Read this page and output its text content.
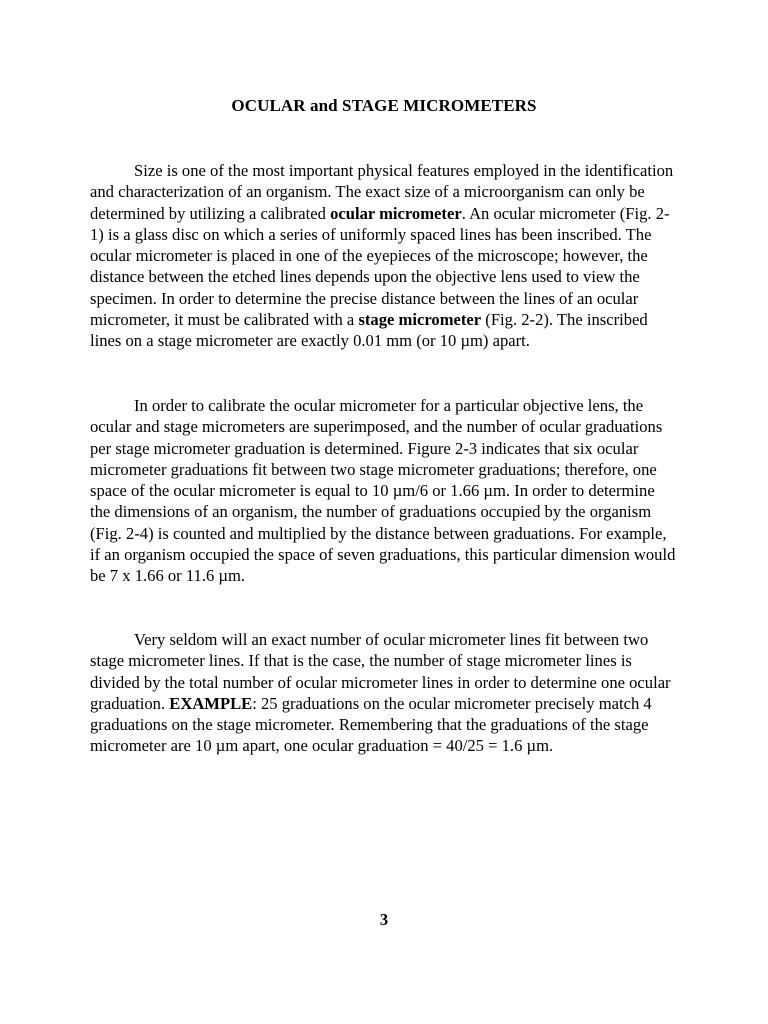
OCULAR and STAGE MICROMETERS

Size is one of the most important physical features employed in the identification and characterization of an organism. The exact size of a microorganism can only be determined by utilizing a calibrated ocular micrometer. An ocular micrometer (Fig. 2-1) is a glass disc on which a series of uniformly spaced lines has been inscribed. The ocular micrometer is placed in one of the eyepieces of the microscope; however, the distance between the etched lines depends upon the objective lens used to view the specimen. In order to determine the precise distance between the lines of an ocular micrometer, it must be calibrated with a stage micrometer (Fig. 2-2). The inscribed lines on a stage micrometer are exactly 0.01 mm (or 10 µm) apart.

In order to calibrate the ocular micrometer for a particular objective lens, the ocular and stage micrometers are superimposed, and the number of ocular graduations per stage micrometer graduation is determined. Figure 2-3 indicates that six ocular micrometer graduations fit between two stage micrometer graduations; therefore, one space of the ocular micrometer is equal to 10 µm/6 or 1.66 µm. In order to determine the dimensions of an organism, the number of graduations occupied by the organism (Fig. 2-4) is counted and multiplied by the distance between graduations. For example, if an organism occupied the space of seven graduations, this particular dimension would be 7 x 1.66 or 11.6 µm.

Very seldom will an exact number of ocular micrometer lines fit between two stage micrometer lines. If that is the case, the number of stage micrometer lines is divided by the total number of ocular micrometer lines in order to determine one ocular graduation. EXAMPLE: 25 graduations on the ocular micrometer precisely match 4 graduations on the stage micrometer. Remembering that the graduations of the stage micrometer are 10 µm apart, one ocular graduation = 40/25 = 1.6 µm.

3
